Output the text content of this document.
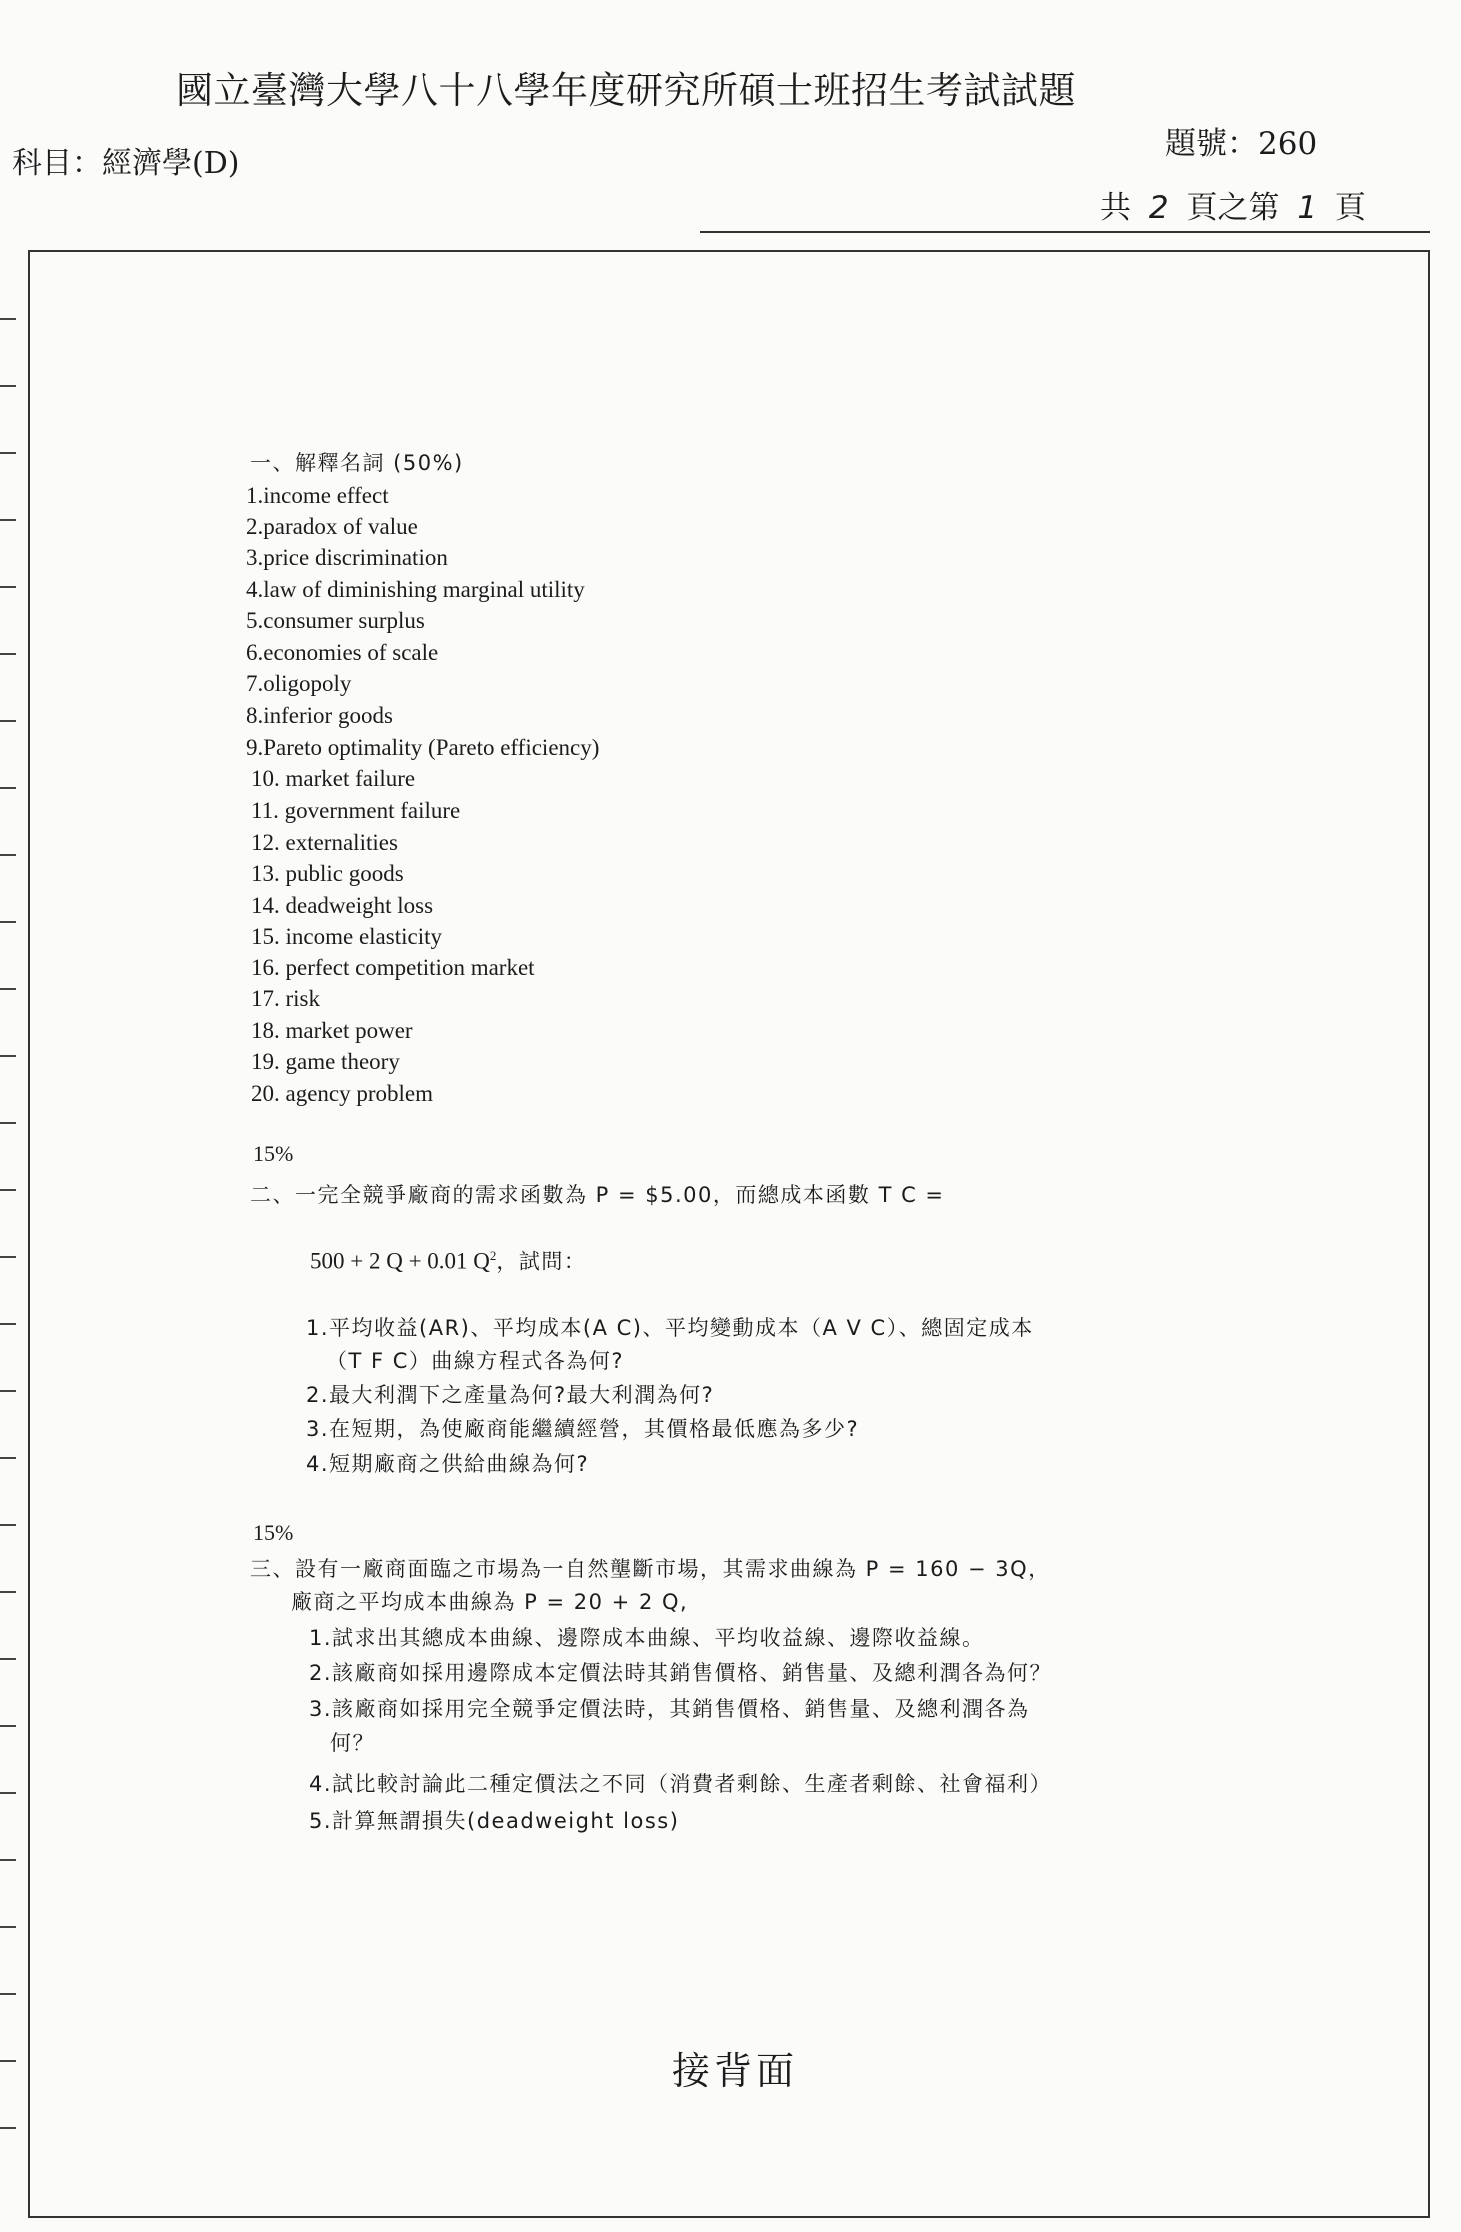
國立臺灣大學八十八學年度研究所碩士班招生考試試題
科目：經濟學(D)
題號：260
共 2 頁之第 1 頁
一、解釋名詞 (50%)
1.income effect
2.paradox of value
3.price discrimination
4.law of diminishing marginal utility
5.consumer surplus
6.economies of scale
7.oligopoly
8.inferior goods
9.Pareto optimality (Pareto efficiency)
10. market failure
11. government failure
12. externalities
13. public goods
14. deadweight loss
15. income elasticity
16. perfect competition market
17. risk
18. market power
19. game theory
20. agency problem
15%
二、一完全競爭廠商的需求函數為 P = $5.00，而總成本函數 T C =
500 + 2 Q + 0.01 $Q^2$，試問：
1.平均收益(AR)、平均成本(A C)、平均變動成本（A V C）、總固定成本
（T F C）曲線方程式各為何?
2.最大利潤下之產量為何?最大利潤為何?
3.在短期，為使廠商能繼續經營，其價格最低應為多少?
4.短期廠商之供給曲線為何?
15%
三、設有一廠商面臨之市場為一自然壟斷市場，其需求曲線為 P = 160 − 3Q，
廠商之平均成本曲線為 P = 20 + 2 Q,
1.試求出其總成本曲線、邊際成本曲線、平均收益線、邊際收益線。
2.該廠商如採用邊際成本定價法時其銷售價格、銷售量、及總利潤各為何？
3.該廠商如採用完全競爭定價法時，其銷售價格、銷售量、及總利潤各為
何？
4.試比較討論此二種定價法之不同（消費者剩餘、生產者剩餘、社會福利）
5.計算無謂損失(deadweight loss)
接背面
